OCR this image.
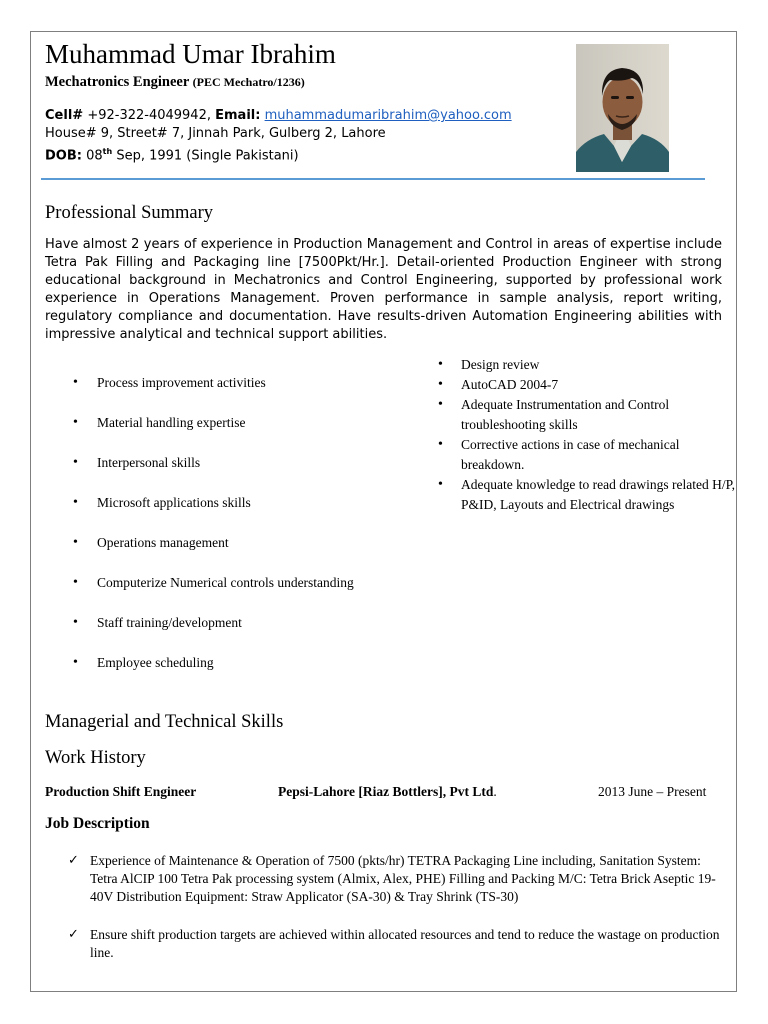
Muhammad Umar Ibrahim
Mechatronics Engineer (PEC Mechatro/1236)
Cell# +92-322-4049942, Email: muhammadumaribrahim@yahoo.com
House# 9, Street# 7, Jinnah Park, Gulberg 2, Lahore
DOB: 08th Sep, 1991 (Single Pakistani)
Professional Summary
Have almost 2 years of experience in Production Management and Control in areas of expertise include Tetra Pak Filling and Packaging line [7500Pkt/Hr.]. Detail-oriented Production Engineer with strong educational background in Mechatronics and Control Engineering, supported by professional work experience in Operations Management. Proven performance in sample analysis, report writing, regulatory compliance and documentation. Have results-driven Automation Engineering abilities with impressive analytical and technical support abilities.
• Process improvement activities
• Material handling expertise
• Interpersonal skills
• Microsoft applications skills
• Operations management
• Computerize Numerical controls understanding
• Staff training/development
• Employee scheduling
• Design review
• AutoCAD 2004-7
• Adequate Instrumentation and Control troubleshooting skills
• Corrective actions in case of mechanical breakdown.
• Adequate knowledge to read drawings related H/P, P&ID, Layouts and Electrical drawings
Managerial and Technical Skills
Work History
Production Shift Engineer	Pepsi-Lahore [Riaz Bottlers], Pvt Ltd.	2013 June – Present
Job Description
✓ Experience of Maintenance & Operation of 7500 (pkts/hr) TETRA Packaging Line including, Sanitation System: Tetra AlCIP 100 Tetra Pak processing system (Almix, Alex, PHE) Filling and Packing M/C: Tetra Brick Aseptic 19-40V Distribution Equipment: Straw Applicator (SA-30) & Tray Shrink (TS-30)
✓ Ensure shift production targets are achieved within allocated resources and tend to reduce the wastage on production line.
